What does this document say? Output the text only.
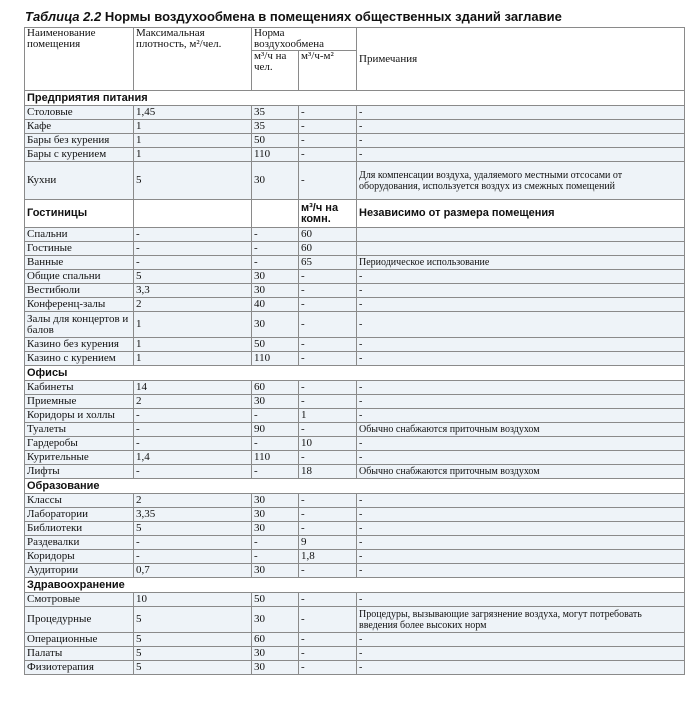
Таблица 2.2 Нормы воздухообмена в помещениях общественных зданий заглавие
Наименование помещения	Максимальная плотность, м²/чел.	Норма воздухообмена		Примечания
		м³/ч на чел.	м³/ч-м²	
Предприятия питания				
Столовые	1,45	35	-	-
Кафе	1	35	-	-
Бары без курения	1	50	-	-
Бары с курением	1	110	-	-
Кухни	5	30	-	Для компенсации воздуха, удаляемого местными отсосами от оборудования, используется воздух из смежных помещений
Гостиницы			м³/ч на комн.	Независимо от размера помещения
Спальни	-	-	60	
Гостиные	-	-	60	
Ванные	-	-	65	Периодическое использование
Общие спальни	5	30	-	-
Вестибюли	3,3	30	-	-
Конференц-залы	2	40	-	-
Залы для концертов и балов	1	30	-	-
Казино без курения	1	50	-	-
Казино с курением	1	110	-	-
Офисы				
Кабинеты	14	60	-	-
Приемные	2	30	-	-
Коридоры и холлы	-	-	1	-
Туалеты	-	90	-	Обычно снабжаются приточным воздухом
Гардеробы	-	-	10	-
Курительные	1,4	110	-	-
Лифты	-	-	18	Обычно снабжаются приточным воздухом
Образование				
Классы	2	30	-	-
Лаборатории	3,35	30	-	-
Библиотеки	5	30	-	-
Раздевалки	-	-	9	-
Коридоры	-	-	1,8	-
Аудитории	0,7	30	-	-
Здравоохранение				
Смотровые	10	50	-	-
Процедурные	5	30	-	Процедуры, вызывающие загрязнение воздуха, могут потребовать введения более высоких норм
Операционные	5	60	-	-
Палаты	5	30	-	-
Физиотерапия	5	30	-	-
